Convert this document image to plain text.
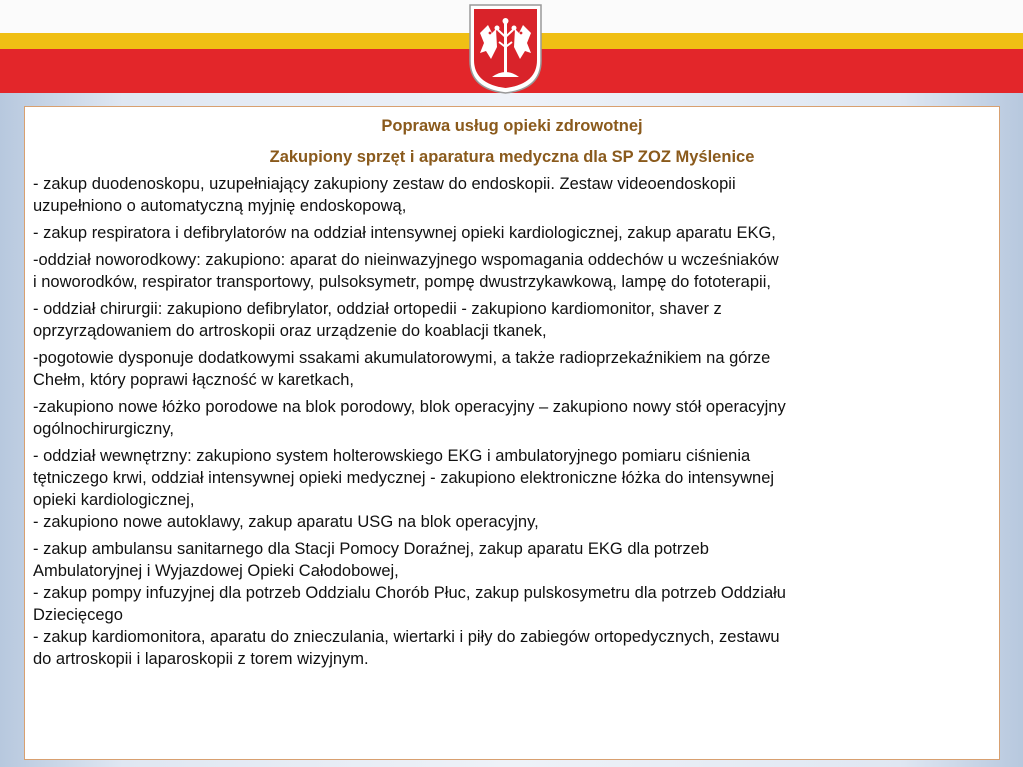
Poprawa usług opieki zdrowotnej
Zakupiony sprzęt i aparatura medyczna dla SP ZOZ Myślenice

- zakup duodenoskopu, uzupełniający zakupiony zestaw do endoskopii. Zestaw videoendoskopii
uzupełniono o automatyczną myjnię endoskopową,

- zakup respiratora i defibrylatorów na oddział intensywnej opieki kardiologicznej, zakup aparatu EKG,

-oddział noworodkowy: zakupiono: aparat do nieinwazyjnego wspomagania oddechów u wcześniaków
i noworodków, respirator transportowy, pulsoksymetr, pompę dwustrzykawkową, lampę do fototerapii,

- oddział chirurgii: zakupiono defibrylator, oddział ortopedii - zakupiono kardiomonitor, shaver z
oprzyrządowaniem do artroskopii oraz urządzenie do koablacji tkanek,

-pogotowie dysponuje dodatkowymi ssakami akumulatorowymi, a także radioprzekaźnikiem na górze
Chełm, który poprawi łączność w karetkach,

-zakupiono nowe łóżko porodowe na blok porodowy, blok operacyjny – zakupiono nowy stół operacyjny
ogólnochirurgiczny,

- oddział wewnętrzny: zakupiono system holterowskiego EKG i ambulatoryjnego pomiaru ciśnienia
tętniczego krwi, oddział intensywnej opieki medycznej - zakupiono elektroniczne łóżka do intensywnej
opieki kardiologicznej,

- zakupiono nowe autoklawy, zakup aparatu USG na blok operacyjny,

- zakup ambulansu sanitarnego dla Stacji Pomocy Doraźnej, zakup aparatu EKG dla potrzeb
Ambulatoryjnej i Wyjazdowej Opieki Całodobowej,

- zakup pompy infuzyjnej dla potrzeb Oddzialu Chorób Płuc, zakup pulskosymetru dla potrzeb Oddziału
Dziecięcego

- zakup kardiomonitora, aparatu do znieczulania, wiertarki i piły do zabiegów ortopedycznych, zestawu
do artroskopii i laparoskopii z torem wizyjnym.
